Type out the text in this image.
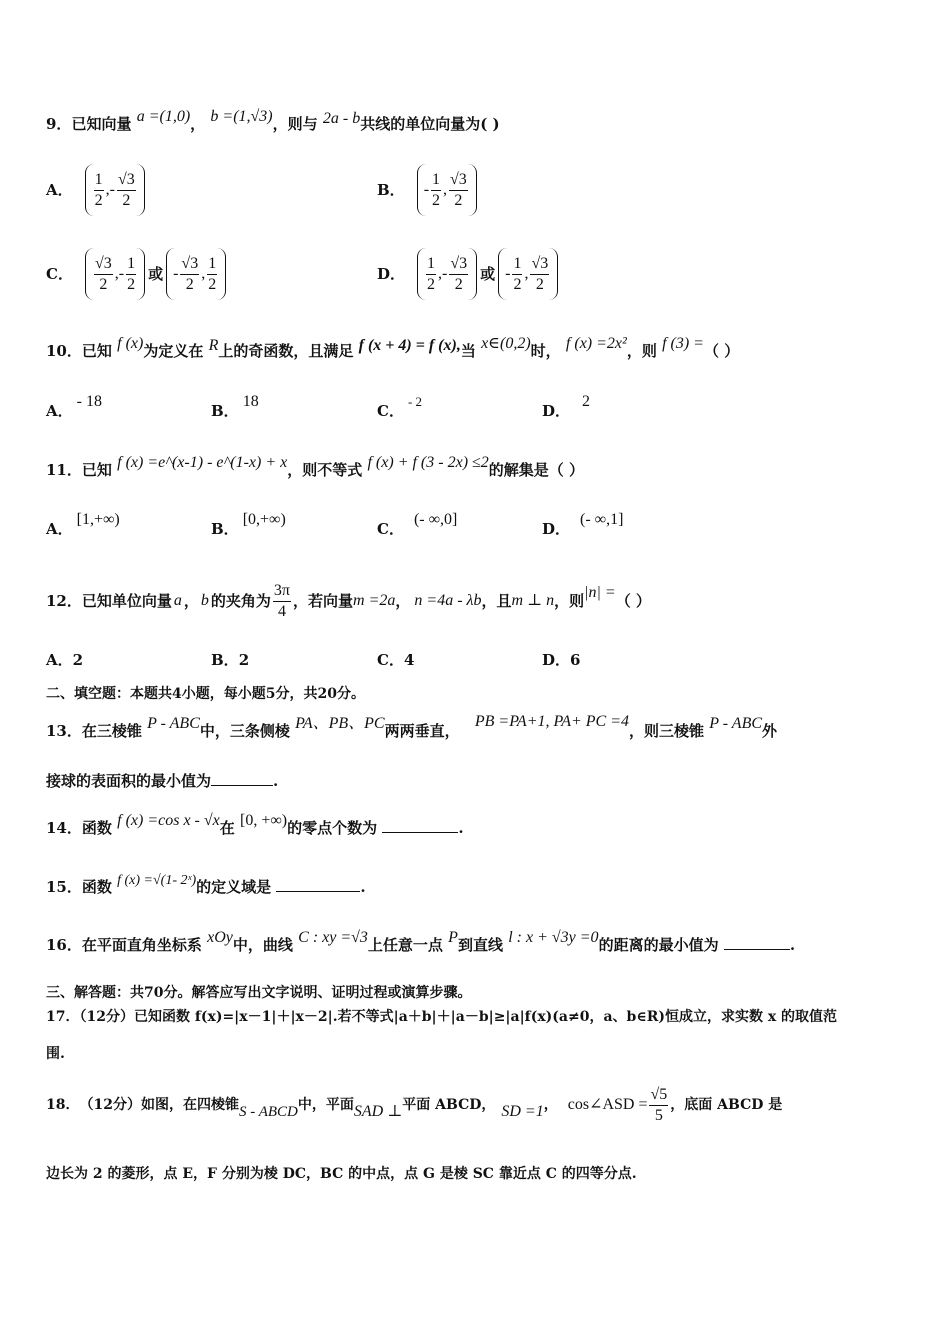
9．已知向量 a =(1,0)， b =(1,√3)，则与 2a - b共线的单位向量为( )
A． $\frac{1}{2}$ ,- $\frac{√3}{2}$	B． - $\frac{1}{2}$ , $\frac{√3}{2}$
C． $\frac{√3}{2}$ ,- $\frac{1}{2}$ 或 - $\frac{√3}{2}$ , $\frac{1}{2}$	D． $\frac{1}{2}$ ,- $\frac{√3}{2}$ 或 - $\frac{1}{2}$ , $\frac{√3}{2}$
10．已知 f (x)为定义在 R上的奇函数，且满足 f (x + 4) = f (x),当 x∈(0,2)时， f (x) =2x²，则 f (3) =（ ）
A．- 18
B．18
C．- 2
D．2
11．已知 f (x) =e^(x-1) - e^(1-x) + x，则不等式 f (x) + f (3 - 2x) ≤2的解集是（ ）
A．[1,+∞)
B．[0,+∞)
C．(- ∞,0]
D．(- ∞,1]
12． 已知单位向量 a ， b 的夹角为 $\frac{3\pi}{4}$ ，若向量 m =2a ， n =4a - λb ，且 m ⊥ n ，则 |n| = （ ）
A．2	B．2	C．4	D．6
二、填空题：本题共4小题，每小题5分，共20分。
13．在三棱锥 P - ABC中，三条侧棱 PA、PB、PC两两垂直， PB =PA+1, PA+ PC =4，则三棱锥 P - ABC外
接球的表面积的最小值为	.
14．函数 f (x) =cos x - √x在 [0, +∞)的零点个数为	.
15．函数 f (x) =√(1- 2ˣ)的定义域是	.
16．在平面直角坐标系 xOy中，曲线 C : xy =√3上任意一点 P到直线 l : x + √3y =0的距离的最小值为	.
三、解答题：共70分。解答应写出文字说明、证明过程或演算步骤。
17．（12分）已知函数 f(x)=|x－1|＋|x－2|.若不等式|a＋b|＋|a－b|≥|a|f(x)(a≠0，a、b∈R)恒成立，求实数 x 的取值范
围.
18． （12分）如图，在四棱锥 S - ABCD 中，平面 SAD ⊥ 平面 ABCD， SD =1 ， cos∠ASD = $\frac{√5}{5}$ ，底面 ABCD 是
边长为 2 的菱形，点 E，F 分别为棱 DC，BC 的中点，点 G 是棱 SC 靠近点 C 的四等分点.
